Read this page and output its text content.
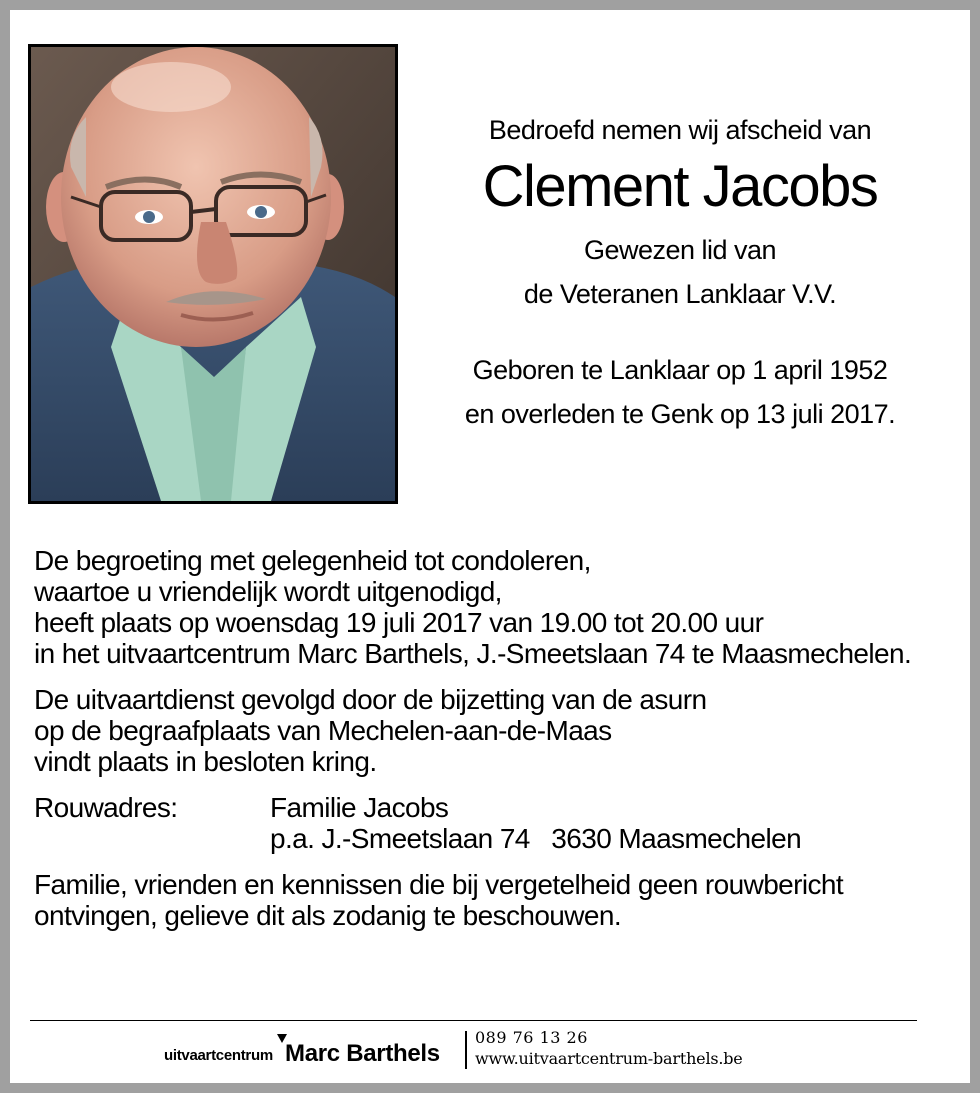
Bedroefd nemen wij afscheid van
Clement Jacobs
Gewezen lid van
de Veteranen Lanklaar V.V.
Geboren te Lanklaar op 1 april 1952
en overleden te Genk op 13 juli 2017.
De begroeting met gelegenheid tot condoleren,
waartoe u vriendelijk wordt uitgenodigd,
heeft plaats op woensdag 19 juli 2017 van 19.00 tot 20.00 uur
in het uitvaartcentrum Marc Barthels, J.-Smeetslaan 74 te Maasmechelen.
De uitvaartdienst gevolgd door de bijzetting van de asurn
op de begraafplaats van Mechelen-aan-de-Maas
vindt plaats in besloten kring.
Rouwadres:	Familie Jacobs
p.a. J.-Smeetslaan 74   3630 Maasmechelen
Familie, vrienden en kennissen die bij vergetelheid geen rouwbericht
ontvingen, gelieve dit als zodanig te beschouwen.
uitvaartcentrum Marc Barthels
089 76 13 26
www.uitvaartcentrum-barthels.be
